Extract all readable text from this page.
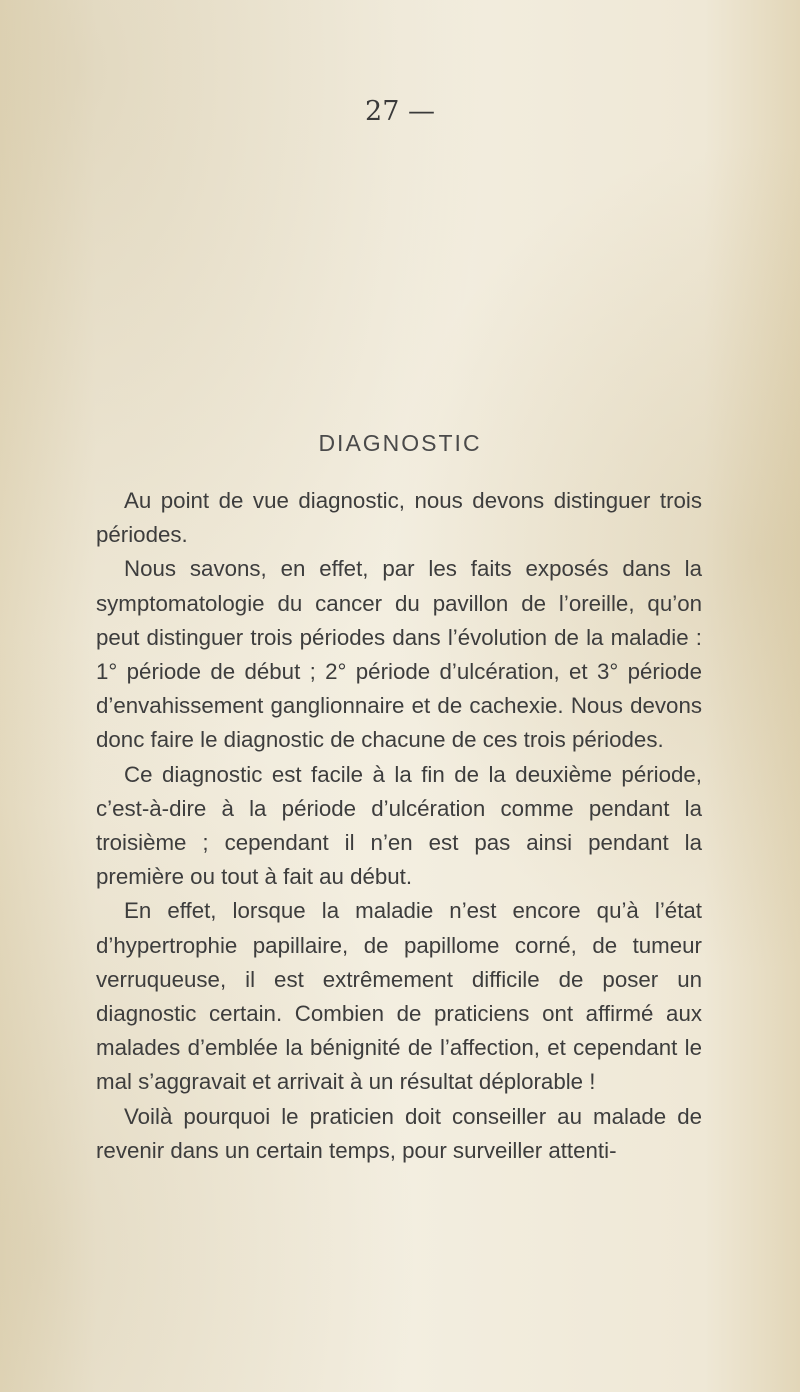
27 —
DIAGNOSTIC

Au point de vue diagnostic, nous devons distinguer trois périodes.

Nous savons, en effet, par les faits exposés dans la symptomatologie du cancer du pavillon de l’oreille, qu’on peut distinguer trois périodes dans l’évolution de la maladie : 1° période de début ; 2° période d’ulcération, et 3° période d’envahissement ganglionnaire et de cachexie. Nous devons donc faire le diagnostic de chacune de ces trois périodes.

Ce diagnostic est facile à la fin de la deuxième période, c’est-à-dire à la période d’ulcération comme pendant la troisième ; cependant il n’en est pas ainsi pendant la première ou tout à fait au début.

En effet, lorsque la maladie n’est encore qu’à l’état d’hypertrophie papillaire, de papillome corné, de tumeur verruqueuse, il est extrêmement difficile de poser un diagnostic certain. Combien de praticiens ont affirmé aux malades d’emblée la bénignité de l’affection, et cependant le mal s’aggravait et arrivait à un résultat déplorable !

Voilà pourquoi le praticien doit conseiller au malade de revenir dans un certain temps, pour surveiller attenti-
